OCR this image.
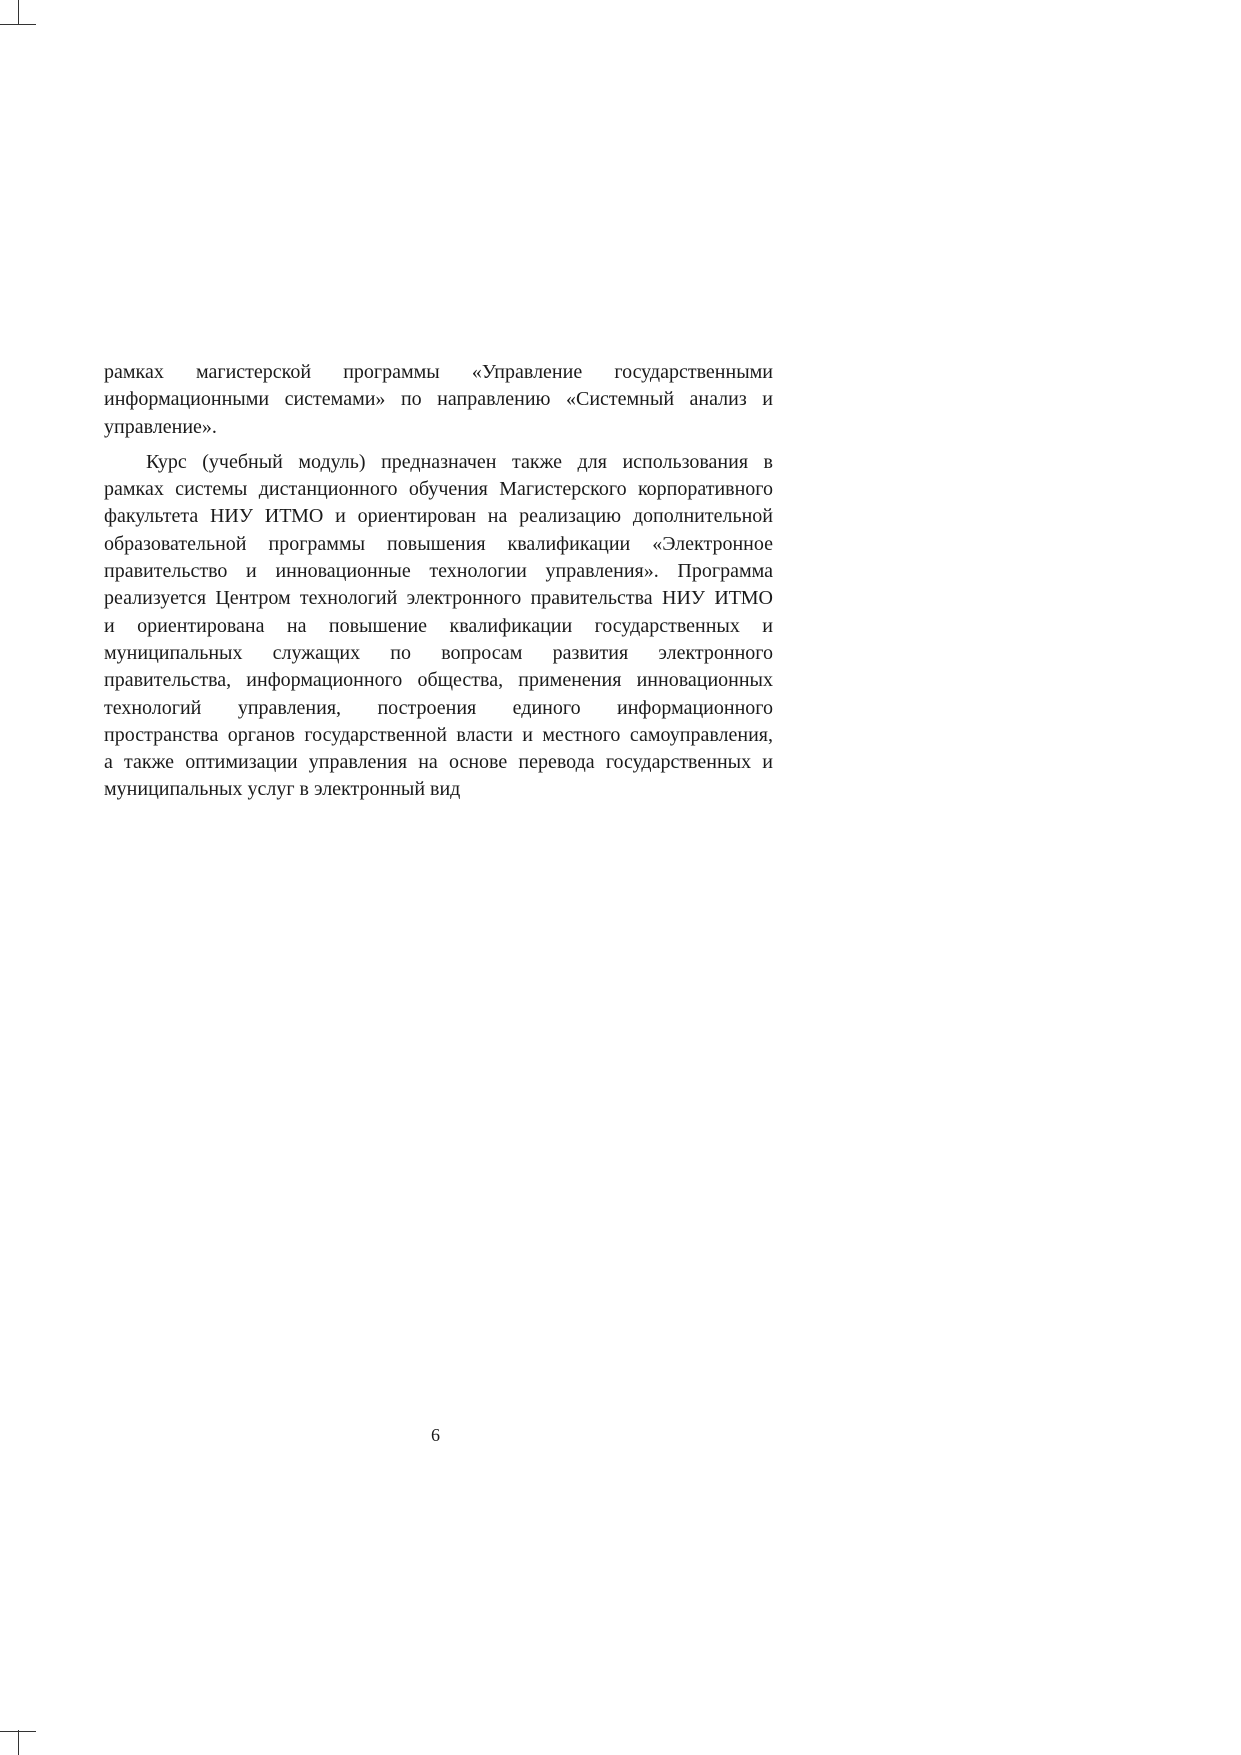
рамках магистерской программы «Управление государственными
информационными системами» по направлению «Системный анализ и
управление».

Курс (учебный модуль) предназначен также для использования в
рамках системы дистанционного обучения Магистерского корпоративного
факультета НИУ ИТМО и ориентирован на реализацию дополнительной
образовательной программы повышения квалификации «Электронное
правительство и инновационные технологии управления». Программа
реализуется Центром технологий электронного правительства НИУ ИТМО
и ориентирована на повышение квалификации государственных и
муниципальных служащих по вопросам развития электронного
правительства, информационного общества, применения инновационных
технологий управления, построения единого информационного
пространства органов государственной власти и местного самоуправления,
а также оптимизации управления на основе перевода государственных и
муниципальных услуг в электронный вид

6
